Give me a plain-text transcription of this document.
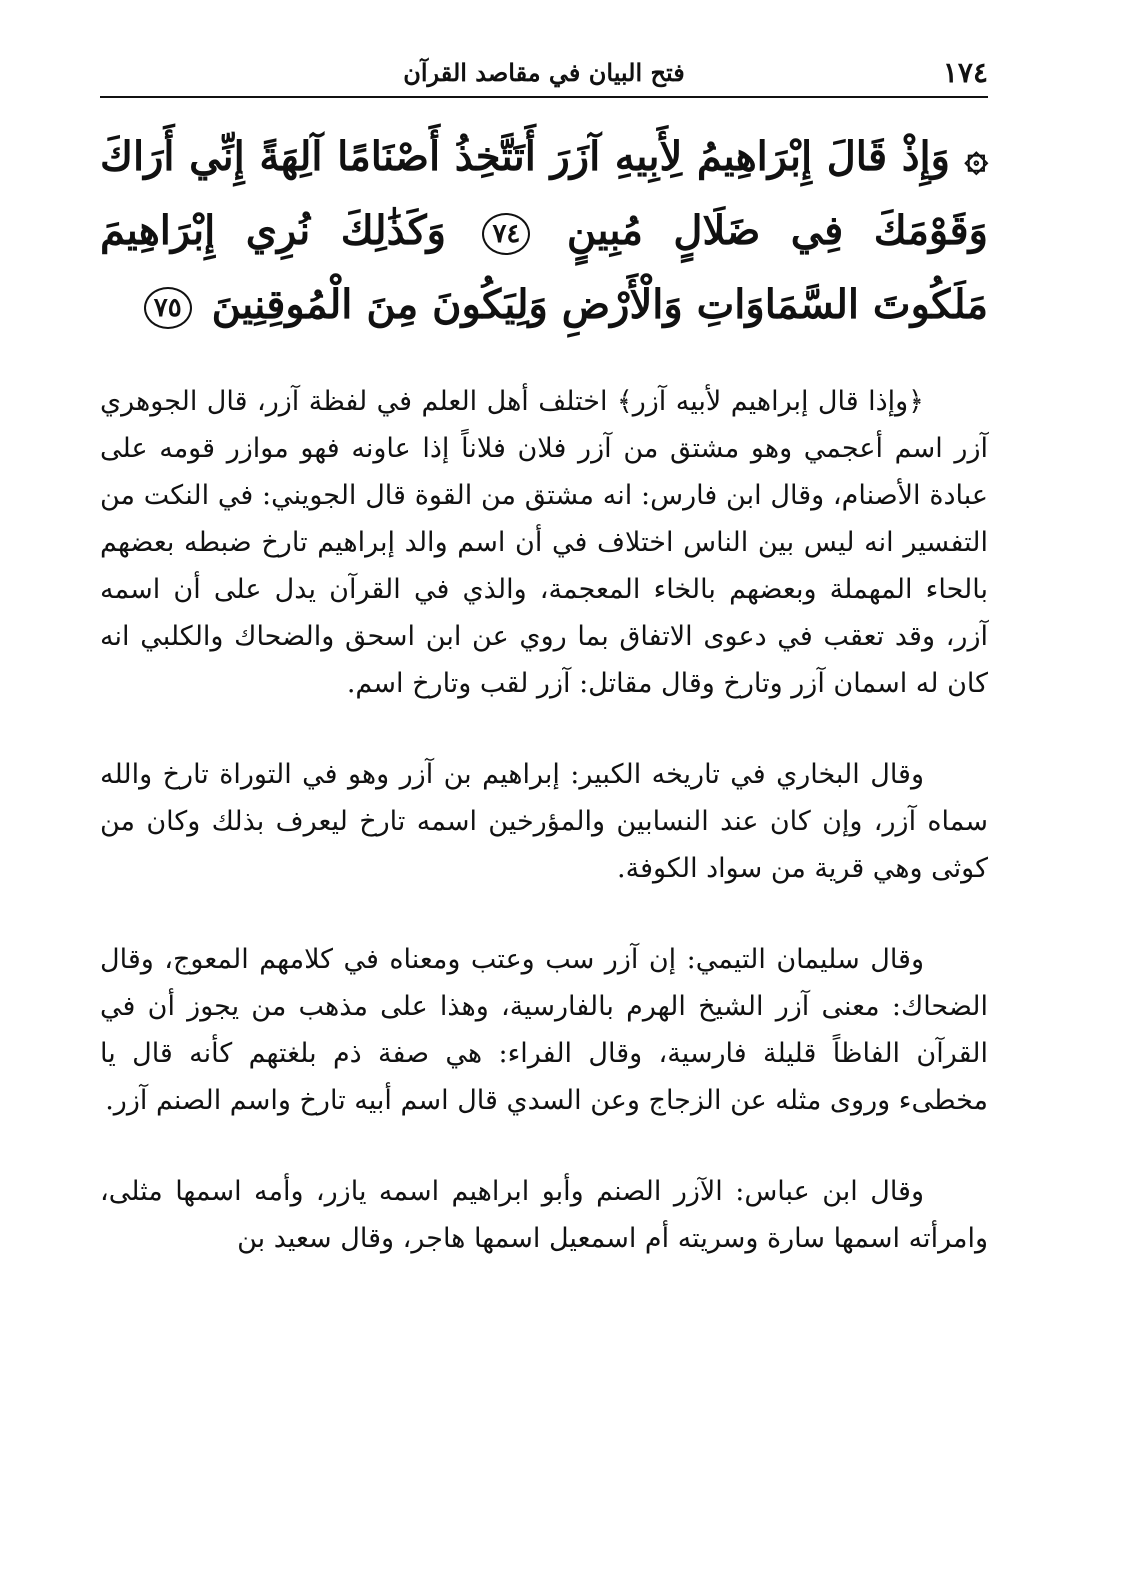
١٧٤
فتح البيان في مقاصد القرآن
۞ وَإِذْ قَالَ إِبْرَاهِيمُ لِأَبِيهِ آزَرَ أَتَتَّخِذُ أَصْنَامًا آلِهَةً إِنِّي أَرَاكَ وَقَوْمَكَ فِي ضَلَالٍ مُبِينٍ ٧٤ وَكَذَٰلِكَ نُرِي إِبْرَاهِيمَ مَلَكُوتَ السَّمَاوَاتِ وَالْأَرْضِ وَلِيَكُونَ مِنَ الْمُوقِنِينَ ٧٥

﴿وإذا قال إبراهيم لأبيه آزر﴾ اختلف أهل العلم في لفظة آزر، قال الجوهري آزر اسم أعجمي وهو مشتق من آزر فلان فلاناً إذا عاونه فهو موازر قومه على عبادة الأصنام، وقال ابن فارس: انه مشتق من القوة قال الجويني: في النكت من التفسير انه ليس بين الناس اختلاف في أن اسم والد إبراهيم تارخ ضبطه بعضهم بالحاء المهملة وبعضهم بالخاء المعجمة، والذي في القرآن يدل على أن اسمه آزر، وقد تعقب في دعوى الاتفاق بما روي عن ابن اسحق والضحاك والكلبي انه كان له اسمان آزر وتارخ وقال مقاتل: آزر لقب وتارخ اسم.

وقال البخاري في تاريخه الكبير: إبراهيم بن آزر وهو في التوراة تارخ والله سماه آزر، وإن كان عند النسابين والمؤرخين اسمه تارخ ليعرف بذلك وكان من كوثى وهي قرية من سواد الكوفة.

وقال سليمان التيمي: إن آزر سب وعتب ومعناه في كلامهم المعوج، وقال الضحاك: معنى آزر الشيخ الهرم بالفارسية، وهذا على مذهب من يجوز أن في القرآن الفاظاً قليلة فارسية، وقال الفراء: هي صفة ذم بلغتهم كأنه قال يا مخطىء وروى مثله عن الزجاج وعن السدي قال اسم أبيه تارخ واسم الصنم آزر.

وقال ابن عباس: الآزر الصنم وأبو ابراهيم اسمه يازر، وأمه اسمها مثلى، وامرأته اسمها سارة وسريته أم اسمعيل اسمها هاجر، وقال سعيد بن
